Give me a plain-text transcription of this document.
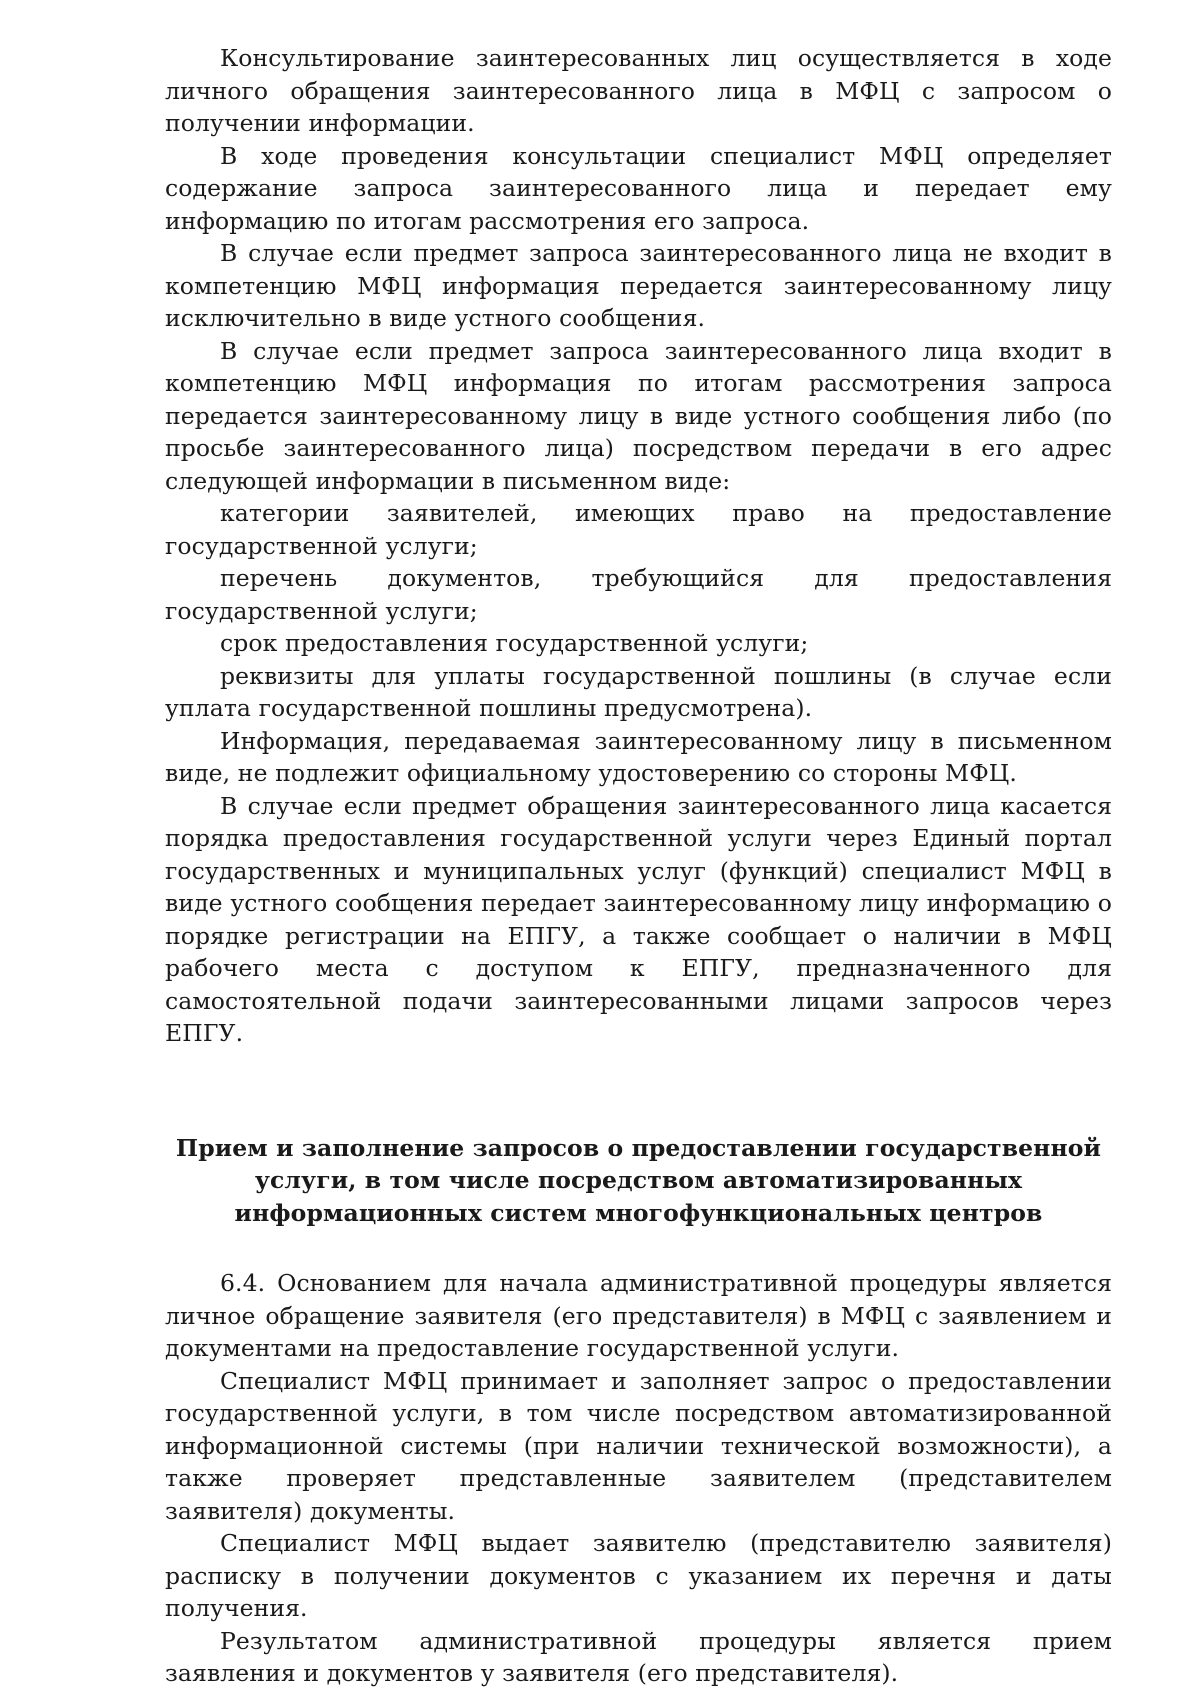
Консультирование заинтересованных лиц осуществляется в ходе личного обращения заинтересованного лица в МФЦ с запросом о получении информации.

В ходе проведения консультации специалист МФЦ определяет содержание запроса заинтересованного лица и передает ему информацию по итогам рассмотрения его запроса.

В случае если предмет запроса заинтересованного лица не входит в компетенцию МФЦ информация передается заинтересованному лицу исключительно в виде устного сообщения.

В случае если предмет запроса заинтересованного лица входит в компетенцию МФЦ информация по итогам рассмотрения запроса передается заинтересованному лицу в виде устного сообщения либо (по просьбе заинтересованного лица) посредством передачи в его адрес следующей информации в письменном виде:

категории заявителей, имеющих право на предоставление государственной услуги;

перечень документов, требующийся для предоставления государственной услуги;

срок предоставления государственной услуги;

реквизиты для уплаты государственной пошлины (в случае если уплата государственной пошлины предусмотрена).

Информация, передаваемая заинтересованному лицу в письменном виде, не подлежит официальному удостоверению со стороны МФЦ.

В случае если предмет обращения заинтересованного лица касается порядка предоставления государственной услуги через Единый портал государственных и муниципальных услуг (функций) специалист МФЦ в виде устного сообщения передает заинтересованному лицу информацию о порядке регистрации на ЕПГУ, а также сообщает о наличии в МФЦ рабочего места с доступом к ЕПГУ, предназначенного для самостоятельной подачи заинтересованными лицами запросов через ЕПГУ.

Прием и заполнение запросов о предоставлении государственной
услуги, в том числе посредством автоматизированных
информационных систем многофункциональных центров

6.4. Основанием для начала административной процедуры является личное обращение заявителя (его представителя) в МФЦ с заявлением и документами на предоставление государственной услуги.

Специалист МФЦ принимает и заполняет запрос о предоставлении государственной услуги, в том числе посредством автоматизированной информационной системы (при наличии технической возможности), а также проверяет представленные заявителем (представителем заявителя) документы.

Специалист МФЦ выдает заявителю (представителю заявителя) расписку в получении документов с указанием их перечня и даты получения.

Результатом административной процедуры является прием заявления и документов у заявителя (его представителя).
